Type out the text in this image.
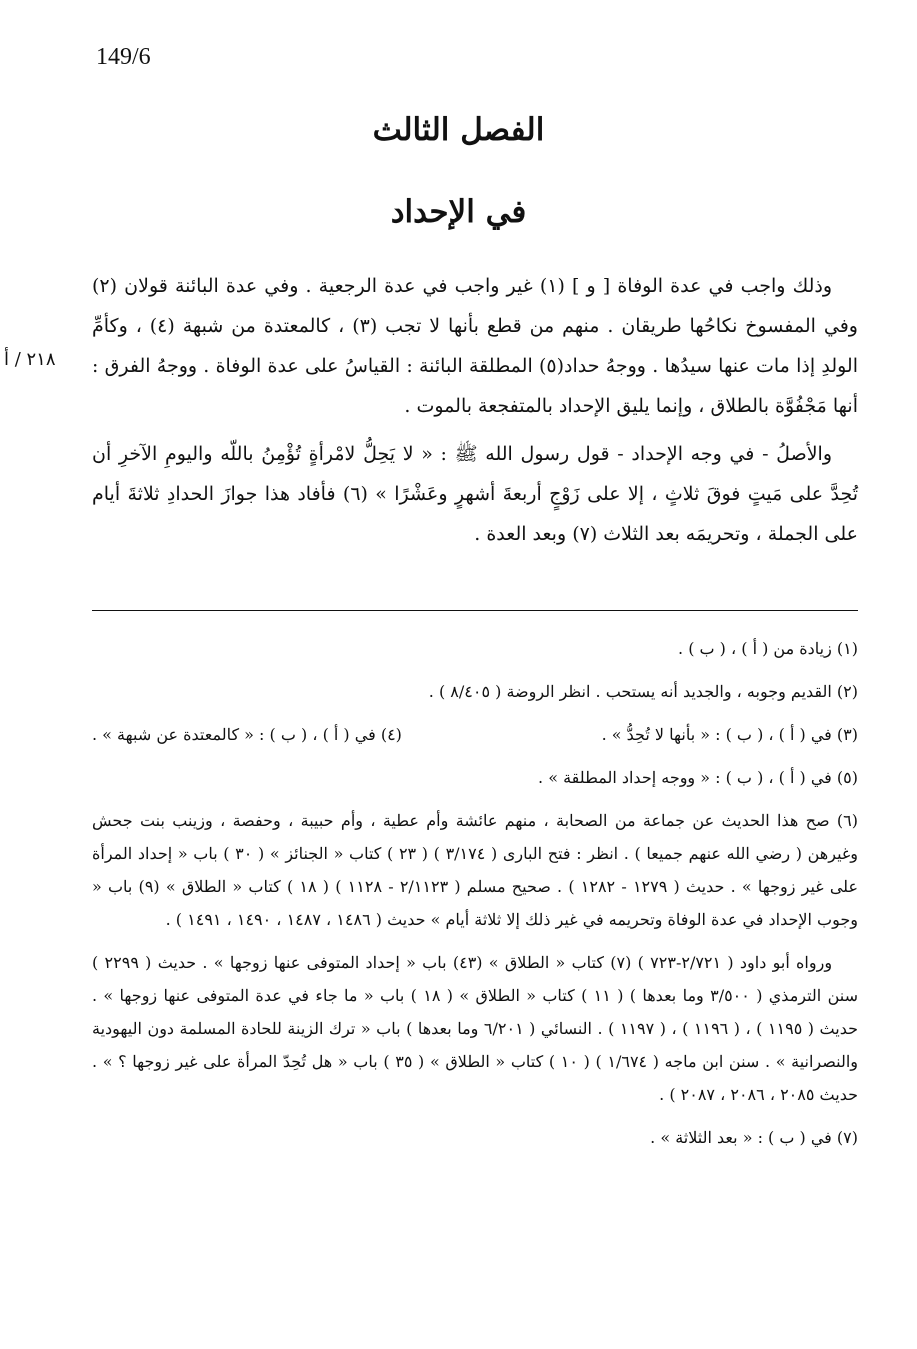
149/6
الفصل الثالث
في الإحداد
٢١٨ / أ

وذلك واجب في عدة الوفاة [ و ] (١) غير واجب في عدة الرجعية . وفي عدة البائنة قولان (٢) وفي المفسوخ نكاحُها طريقان . منهم من قطع بأنها لا تجب (٣) ، كالمعتدة من شبهة (٤) ، وكأمِّ الولدِ إذا مات عنها سيدُها . ووجهُ حداد(٥) المطلقة البائنة : القياسُ على عدة الوفاة . ووجهُ الفرق : أنها مَجْفُوَّة بالطلاق ، وإنما يليق الإحداد بالمتفجعة بالموت .

والأصلُ - في وجه الإحداد - قول رسول الله ﷺ : « لا يَحِلُّ لامْرأةٍ تُؤْمِنُ باللّه واليومِ الآخرِ أن تُحِدَّ على مَيتٍ فوقَ ثلاثٍ ، إلا على زَوْجٍ أربعةَ أشهرٍ وعَشْرًا » (٦) فأفاد هذا جوازَ الحدادِ ثلاثةَ أيام على الجملة ، وتحريمَه بعد الثلاث (٧) وبعد العدة .

(١) زيادة من ( أ ) ، ( ب ) .
(٢) القديم وجوبه ، والجديد أنه يستحب . انظر الروضة ( ٨/٤٠٥ ) .
(٣) في ( أ ) ، ( ب ) : « بأنها لا تُحِدُّ » .
(٤) في ( أ ) ، ( ب ) : « كالمعتدة عن شبهة » .
(٥) في ( أ ) ، ( ب ) : « ووجه إحداد المطلقة » .
(٦) صح هذا الحديث عن جماعة من الصحابة ، منهم عائشة وأم عطية ، وأم حبيبة ، وحفصة ، وزينب بنت جحش وغيرهن ( رضي الله عنهم جميعا ) . انظر : فتح البارى ( ٣/١٧٤ ) ( ٢٣ ) كتاب « الجنائز » ( ٣٠ ) باب « إحداد المرأة على غير زوجها » . حديث ( ١٢٧٩ - ١٢٨٢ ) . صحيح مسلم ( ٢/١١٢٣ - ١١٢٨ ) ( ١٨ ) كتاب « الطلاق » (٩) باب « وجوب الإحداد في عدة الوفاة وتحريمه في غير ذلك إلا ثلاثة أيام » حديث ( ١٤٨٦ ، ١٤٨٧ ، ١٤٩٠ ، ١٤٩١ ) .
ورواه أبو داود ( ٢/٧٢١-٧٢٣ ) (٧) كتاب « الطلاق » (٤٣) باب « إحداد المتوفى عنها زوجها » . حديث ( ٢٢٩٩ ) سنن الترمذي ( ٣/٥٠٠ وما بعدها ) ( ١١ ) كتاب « الطلاق » ( ١٨ ) باب « ما جاء في عدة المتوفى عنها زوجها » . حديث ( ١١٩٥ ) ، ( ١١٩٦ ) ، ( ١١٩٧ ) . النسائي ( ٦/٢٠١ وما بعدها ) باب « ترك الزينة للحادة المسلمة دون اليهودية والنصرانية » . سنن ابن ماجه ( ١/٦٧٤ ) ( ١٠ ) كتاب « الطلاق » ( ٣٥ ) باب « هل تُحِدّ المرأة على غير زوجها ؟ » . حديث ٢٠٨٥ ، ٢٠٨٦ ، ٢٠٨٧ ) .
(٧) في ( ب ) : « بعد الثلاثة » .
